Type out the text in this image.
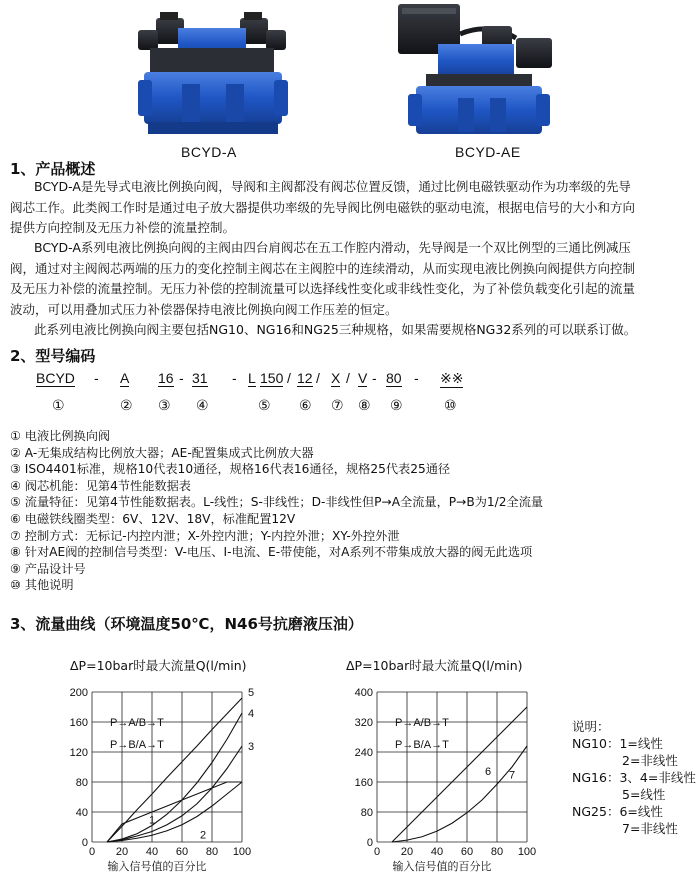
BCYD-A	BCYD-AE
1、产品概述
BCYD-A是先导式电液比例换向阀，导阀和主阀都没有阀芯位置反馈，通过比例电磁铁驱动作为功率级的先导
阀芯工作。此类阀工作时是通过电子放大器提供功率级的先导阀比例电磁铁的驱动电流，根据电信号的大小和方向
提供方向控制及无压力补偿的流量控制。
BCYD-A系列电液比例换向阀的主阀由四台肩阀芯在五工作腔内滑动，先导阀是一个双比例型的三通比例减压
阀，通过对主阀阀芯两端的压力的变化控制主阀芯在主阀腔中的连续滑动，从而实现电液比例换向阀提供方向控制
及无压力补偿的流量控制。无压力补偿的控制流量可以选择线性变化或非线性变化，为了补偿负载变化引起的流量
波动，可以用叠加式压力补偿器保持电液比例换向阀工作压差的恒定。
此系列电液比例换向阀主要包括NG10、NG16和NG25三种规格，如果需要规格NG32系列的可以联系订做。
2、型号编码
BCYD - A 16 - 31 - L 150 / 12 / X / V - 80 - ※※
①	② ③ ④	⑤ ⑥ ⑦ ⑧ ⑨	⑩
① 电液比例换向阀
② A-无集成结构比例放大器；AE-配置集成式比例放大器
③ ISO4401标准，规格10代表10通径，规格16代表16通径，规格25代表25通径
④ 阀芯机能：见第4节性能数据表
⑤ 流量特征：见第4节性能数据表。L-线性；S-非线性；D-非线性但P→A全流量，P→B为1/2全流量
⑥ 电磁铁线圈类型：6V、12V、18V，标准配置12V
⑦ 控制方式：无标记-内控内泄；X-外控内泄；Y-内控外泄；XY-外控外泄
⑧ 针对AE阀的控制信号类型：V-电压、I-电流、E-带使能，对A系列不带集成放大器的阀无此选项
⑨ 产品设计号
⑩ 其他说明
3、流量曲线（环境温度50℃，N46号抗磨液压油）
ΔP=10bar时最大流量Q(l/min)	ΔP=10bar时最大流量Q(l/min)
0 20 40 60 80 100
0
40
80
120
160
200
P→A/B→T
P→B/A→T
1
2
3
4
5
输入信号值的百分比
0 20 40 60 80 100
0
80
160
240
320
400
P→A/B→T
P→B/A→T
6 7
输入信号值的百分比
说明：
NG10：1=线性
2=非线性
NG16：3、4=非线性
5=线性
NG25：6=线性
7=非线性
